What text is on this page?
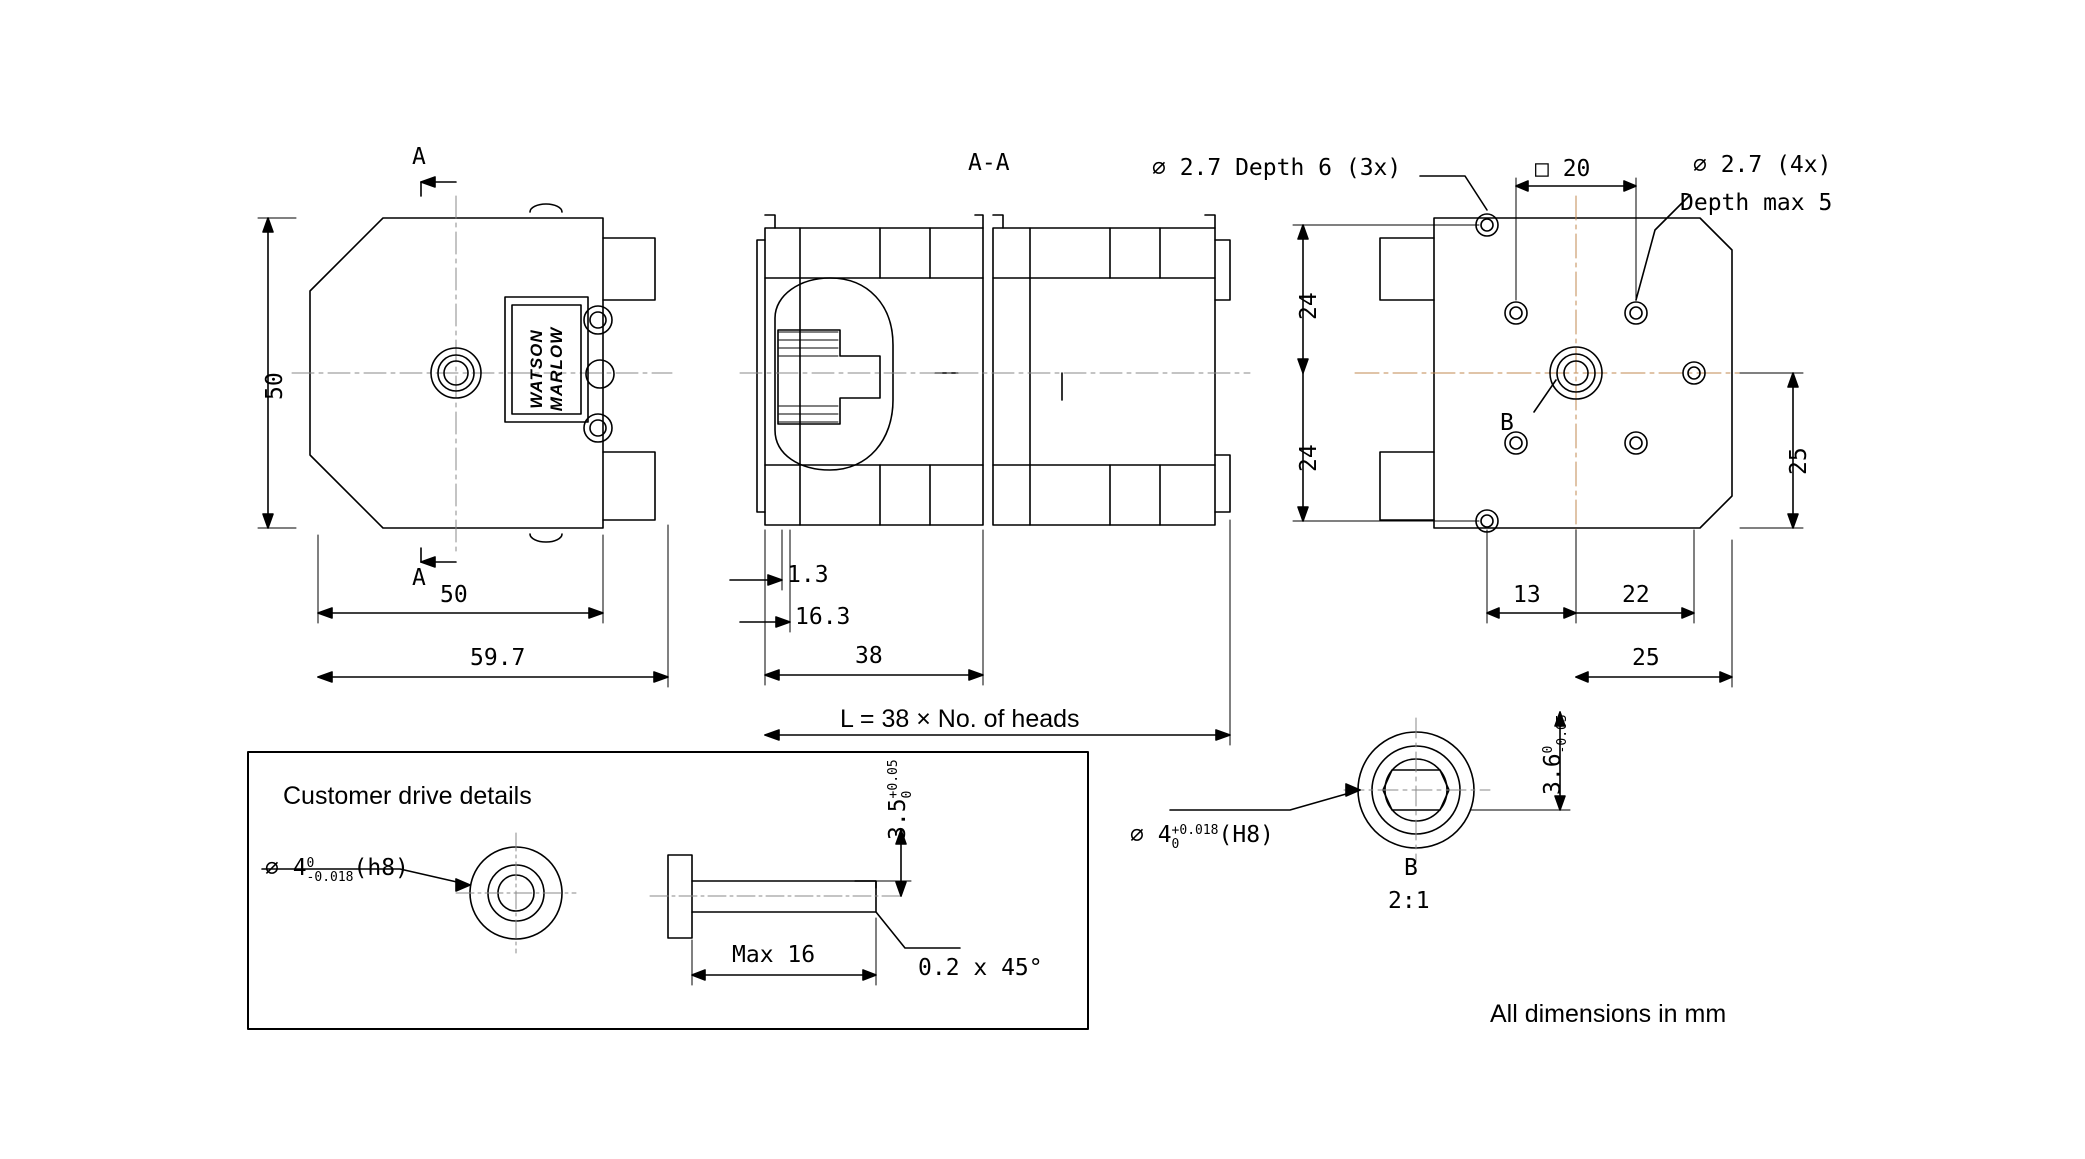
A
A
50
50
59.7
WATSON MARLOW
A-A
1.3
16.3
38
L = 38 × No. of heads
⌀ 2.7 Depth 6 (3x)	□ 20	⌀ 2.7 (4x)
Depth max 5
24
24
B
13	22
25
25
3.6
0
-0.05
⌀ 4 +0.018
0	(H8)
B
2:1
Customer drive details
⌀ 4 0
-0.018 (h8)
3.5
+0.05
0
Max 16	0.2 x 45°
All dimensions in mm
